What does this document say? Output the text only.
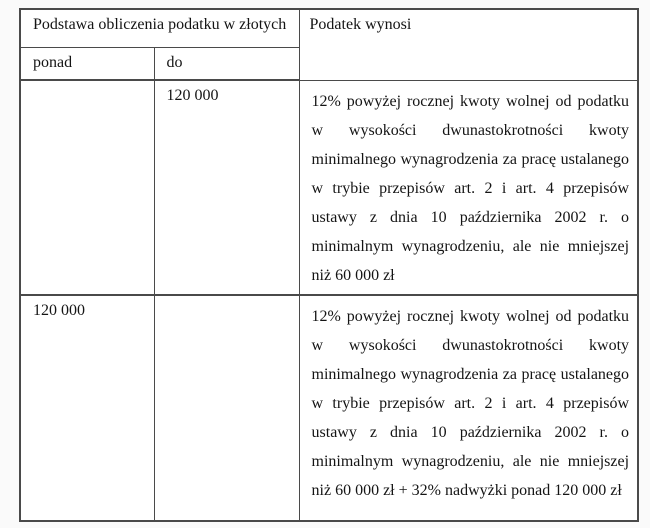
Podstawa obliczenia podatku w złotych		Podatek wynosi
ponad	do	
	120 000	12% powyżej rocznej kwoty wolnej od podatku w wysokości dwunastokrotności kwoty minimalnego wynagrodzenia za pracę ustalanego w trybie przepisów art. 2 i art. 4 przepisów ustawy z dnia 10 października 2002 r. o minimalnym wynagrodzeniu, ale nie mniejszej niż 60 000 zł

120 000		12% powyżej rocznej kwoty wolnej od podatku w wysokości dwunastokrotności kwoty minimalnego wynagrodzenia za pracę ustalanego w trybie przepisów art. 2 i art. 4 przepisów ustawy z dnia 10 października 2002 r. o minimalnym wynagrodzeniu, ale nie mniejszej niż 60 000 zł + 32% nadwyżki ponad 120 000 zł
